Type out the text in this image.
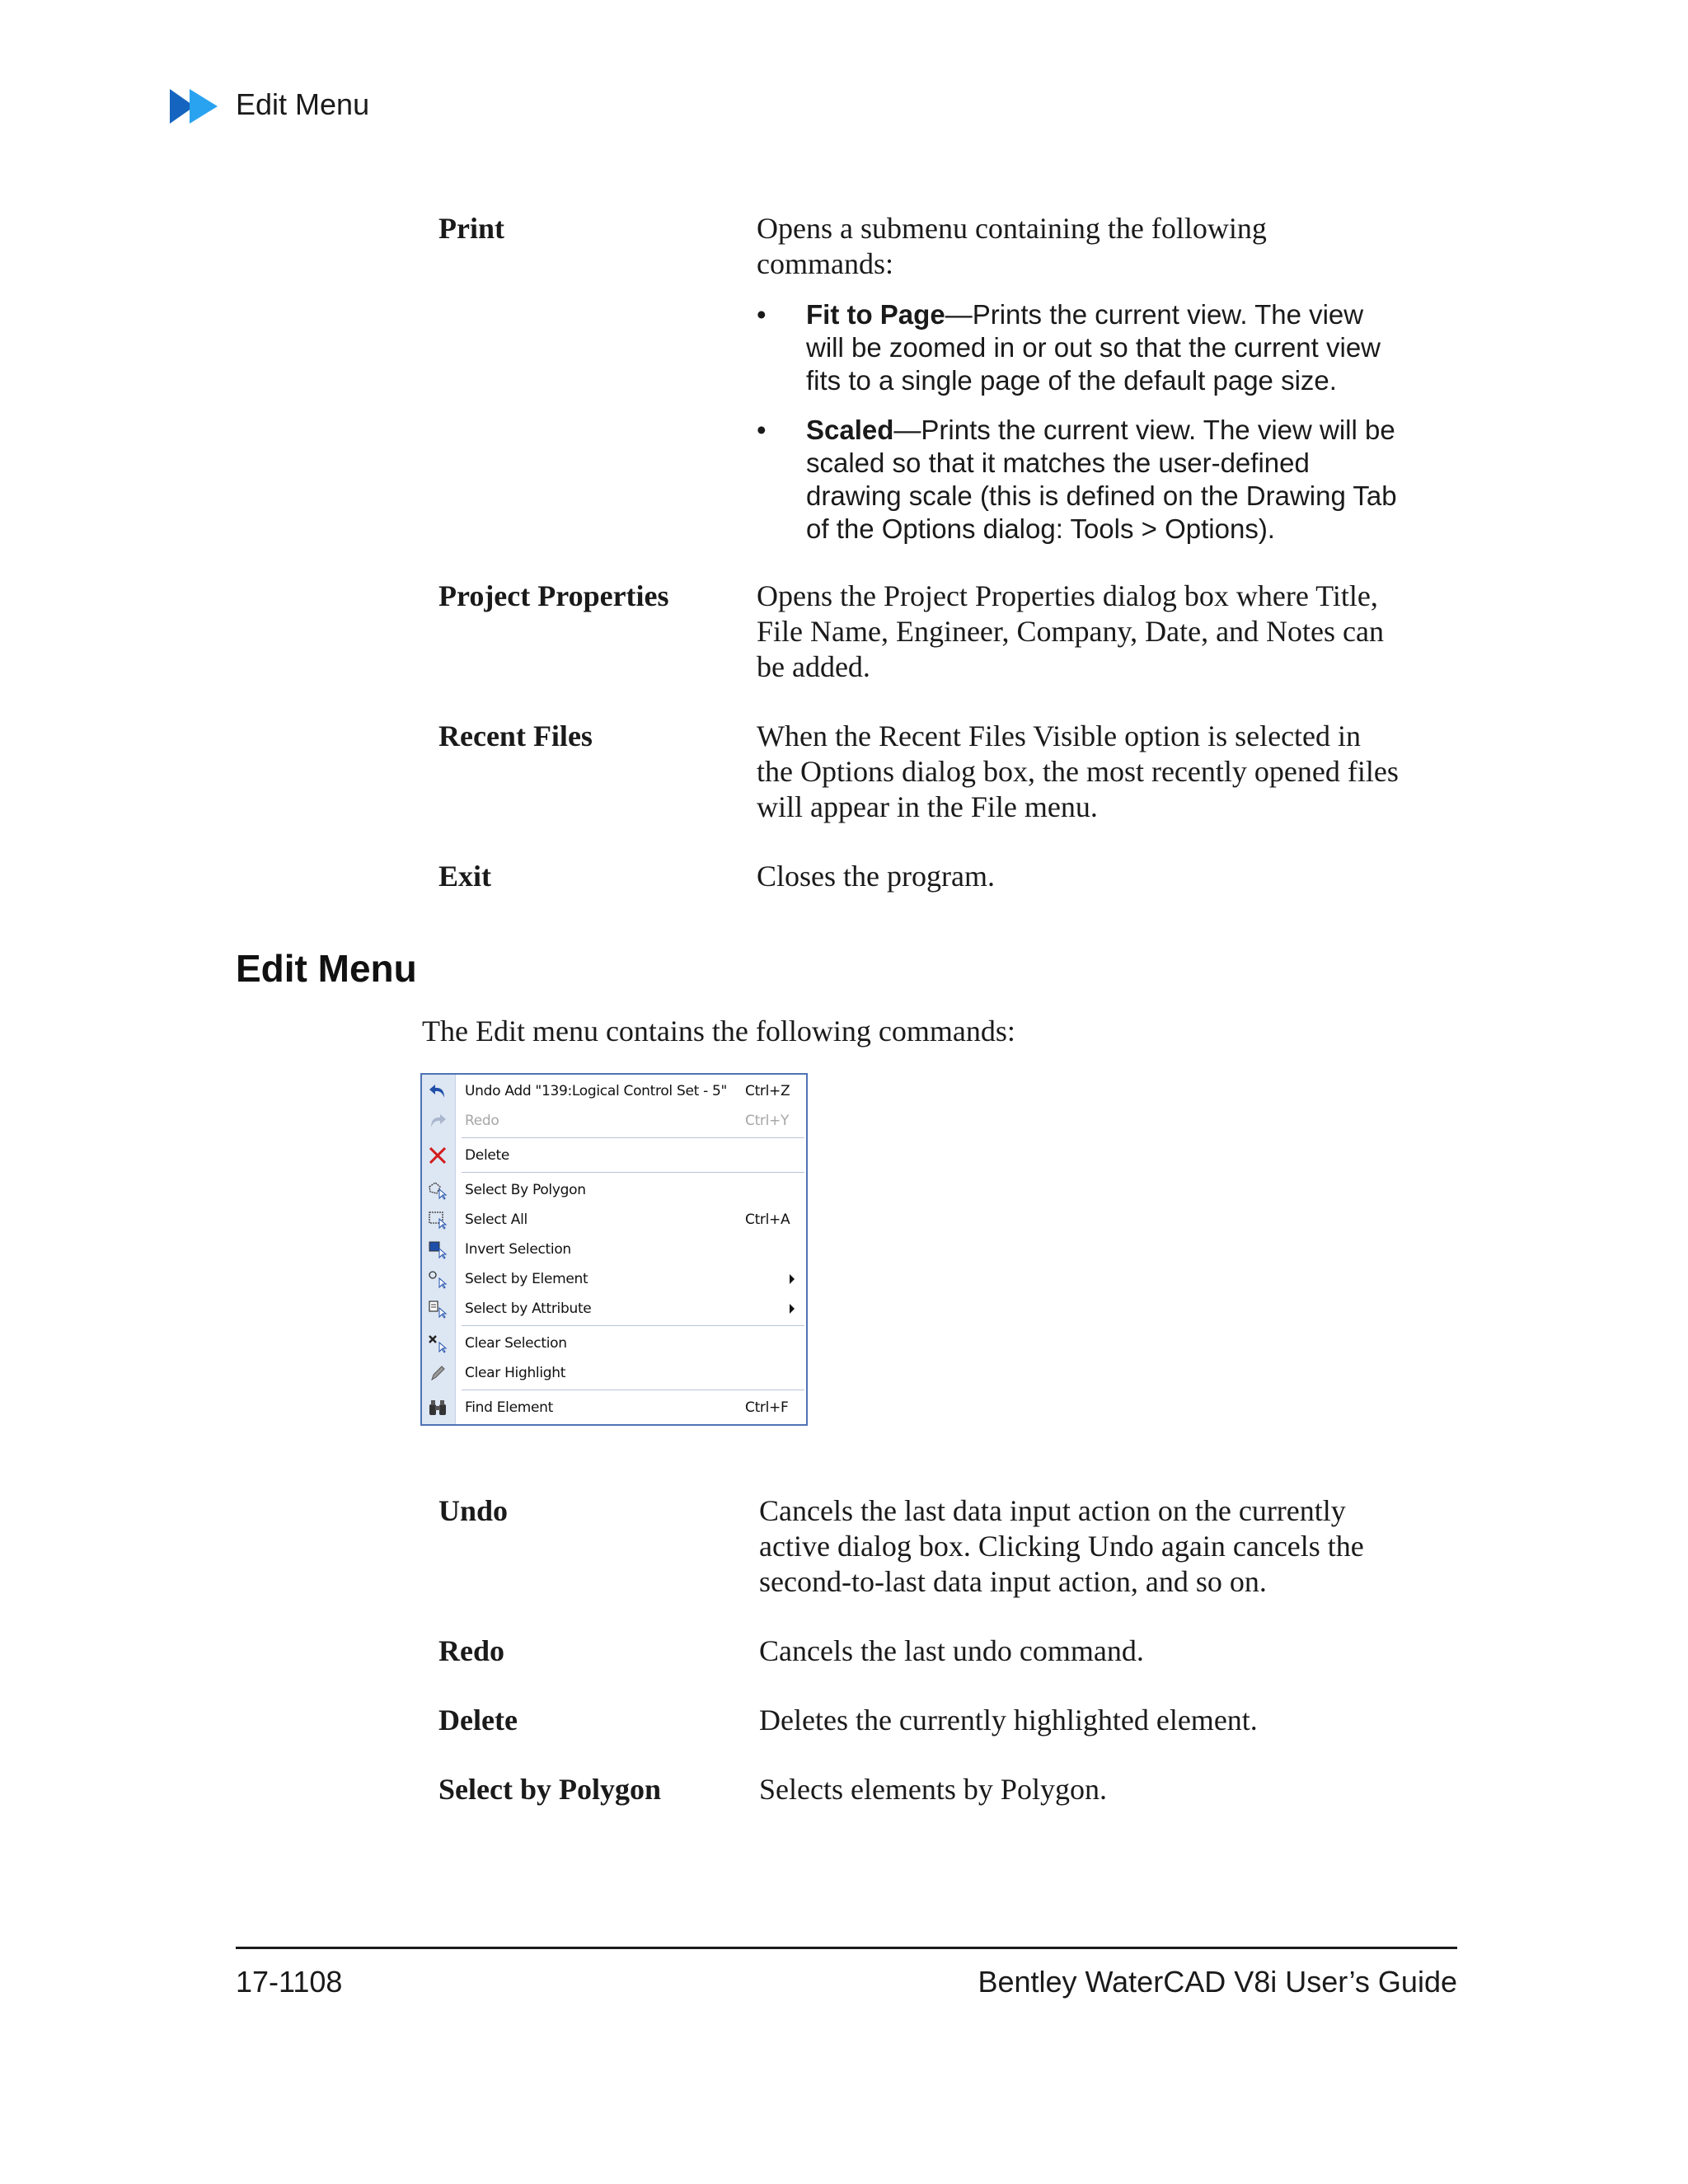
Edit Menu
Print	Opens a submenu containing the following commands:
• Fit to Page—Prints the current view. The view will be zoomed in or out so that the current view fits to a single page of the default page size.
• Scaled—Prints the current view. The view will be scaled so that it matches the user-defined drawing scale (this is defined on the Drawing Tab of the Options dialog: Tools > Options).
Project Properties	Opens the Project Properties dialog box where Title, File Name, Engineer, Company, Date, and Notes can be added.
Recent Files	When the Recent Files Visible option is selected in the Options dialog box, the most recently opened files will appear in the File menu.
Exit	Closes the program.
Edit Menu
The Edit menu contains the following commands:
Undo Add "139:Logical Control Set - 5" Ctrl+Z
Redo	Ctrl+Y
Delete
Select By Polygon
Select All	Ctrl+A
Invert Selection
Select by Element
Select by Attribute
Clear Selection
Clear Highlight
Find Element	Ctrl+F
Undo	Cancels the last data input action on the currently active dialog box. Clicking Undo again cancels the second-to-last data input action, and so on.
Redo	Cancels the last undo command.
Delete	Deletes the currently highlighted element.
Select by Polygon	Selects elements by Polygon.
17-1108	Bentley WaterCAD V8i User’s Guide
